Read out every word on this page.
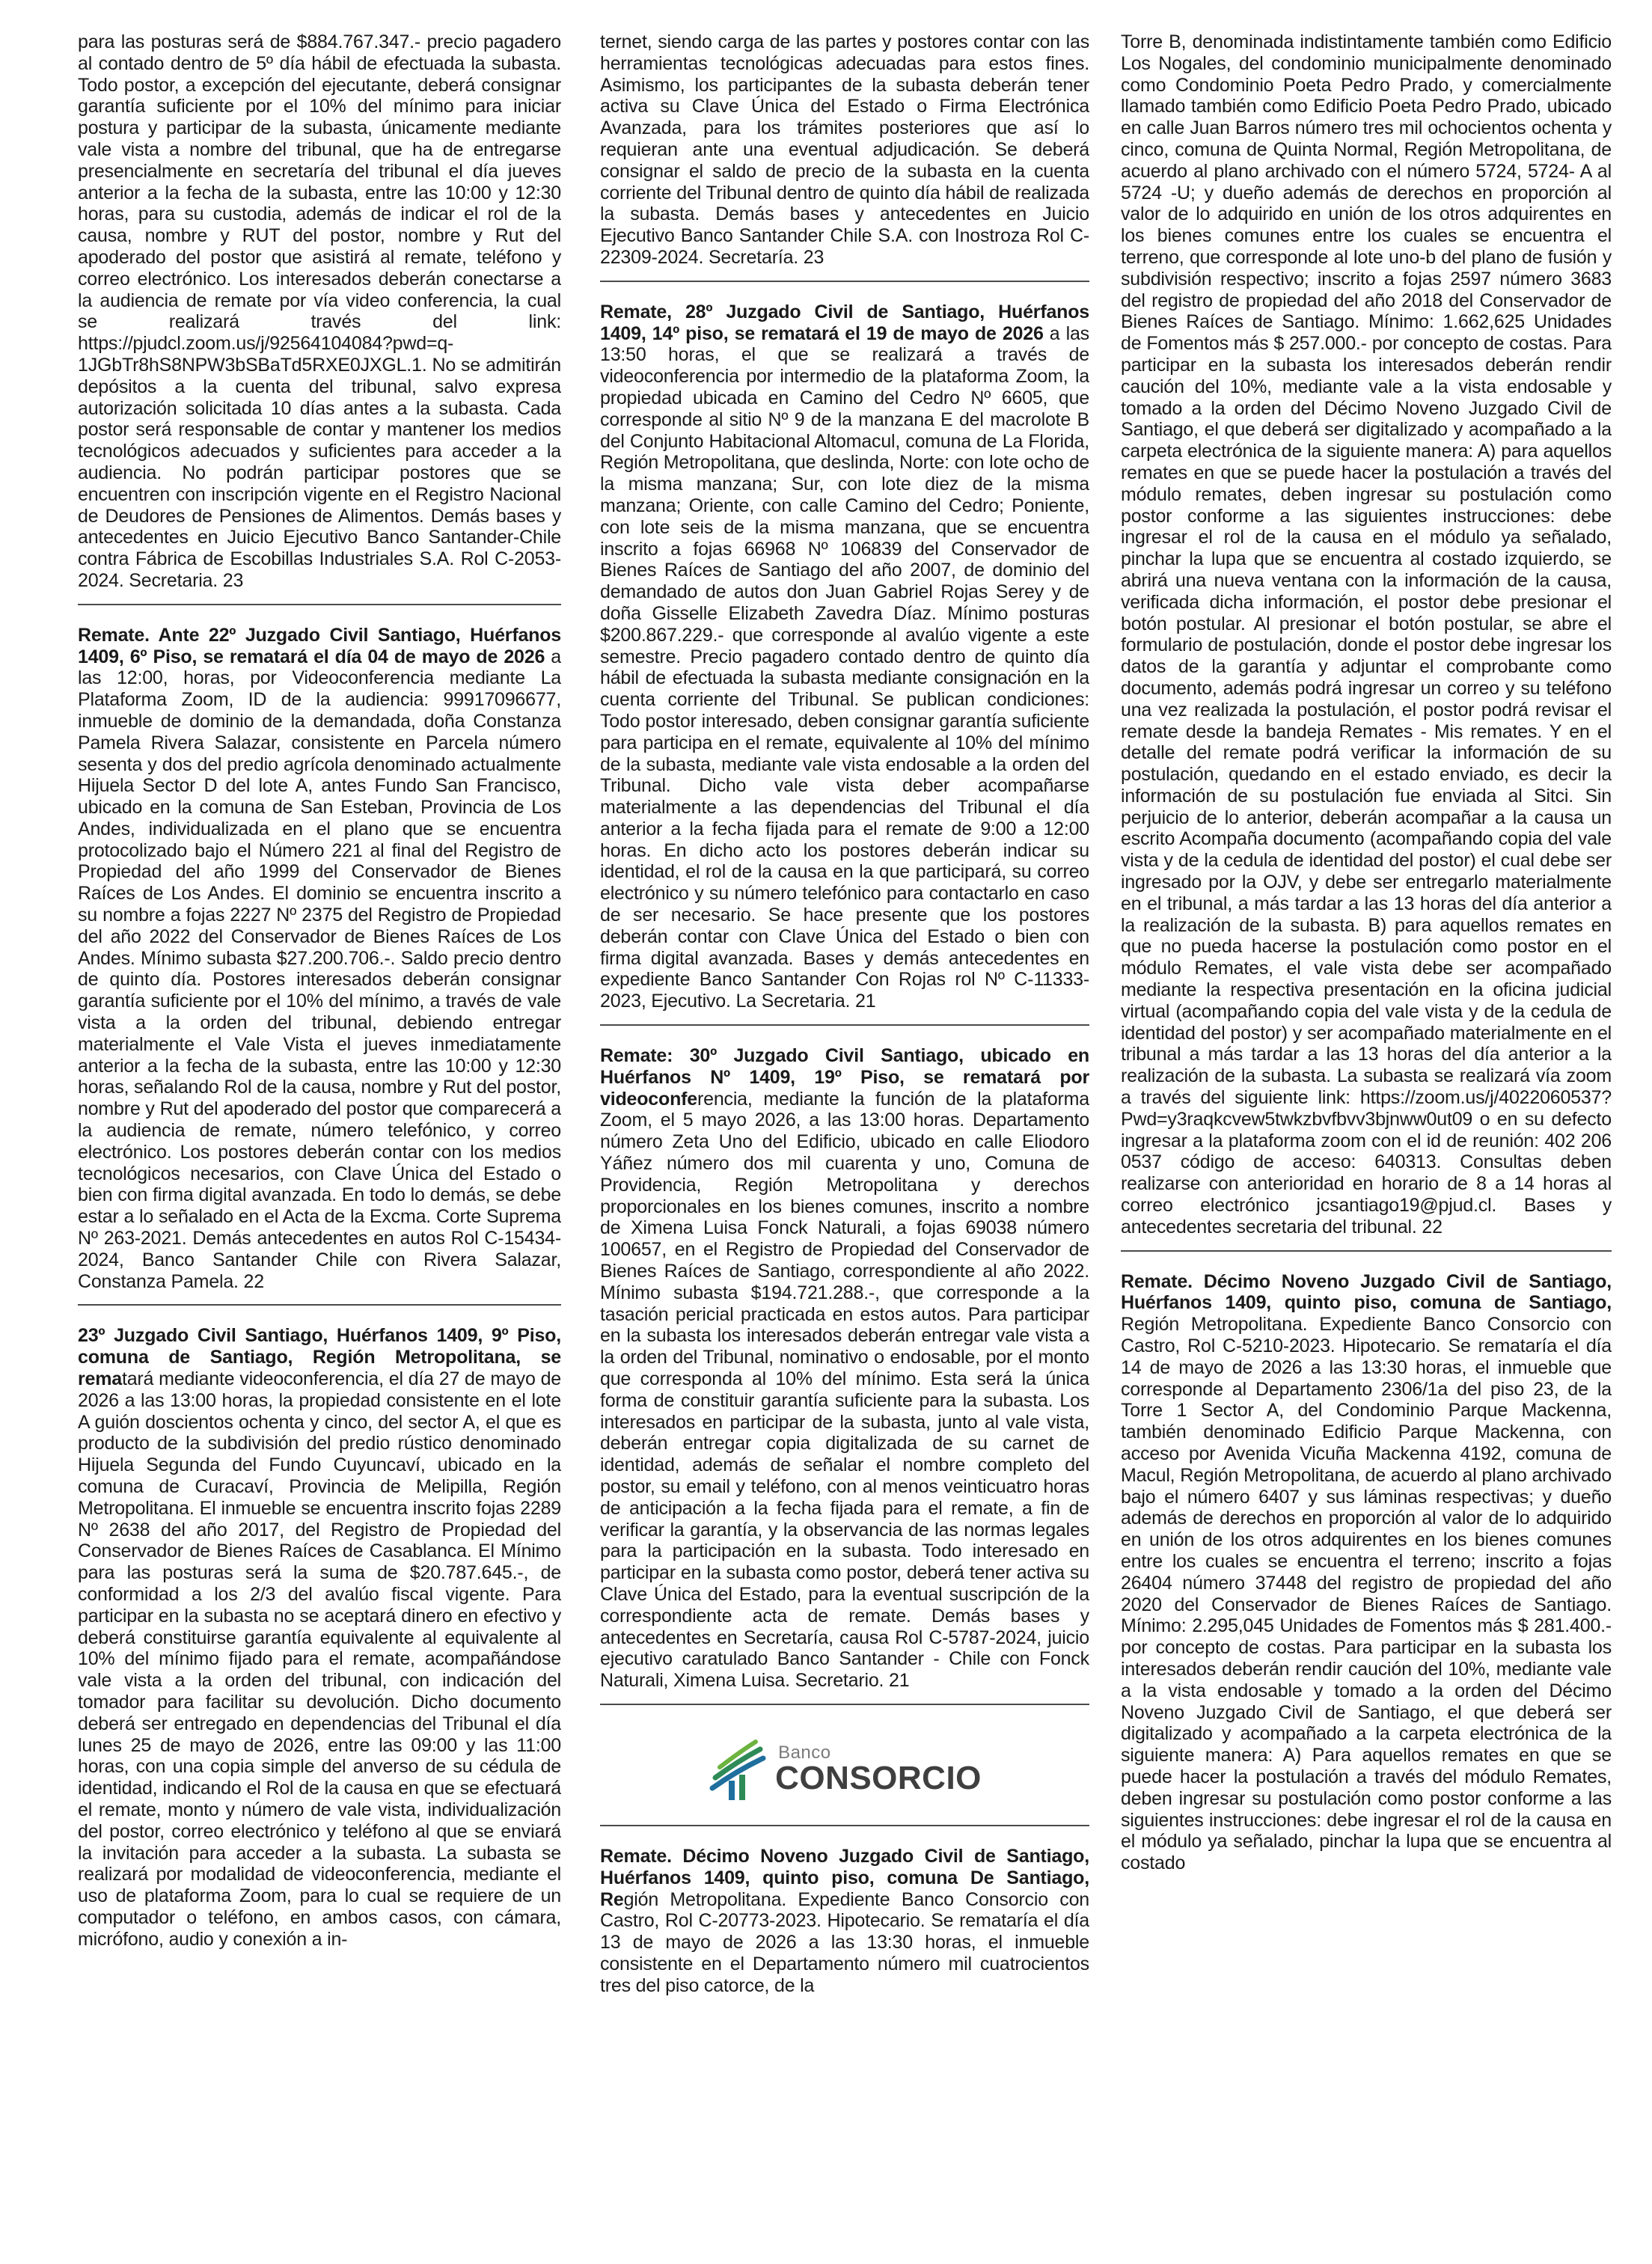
para las posturas será de $884.767.347.- precio pagadero al contado dentro de 5º día hábil de efectuada la subasta. Todo postor, a excepción del ejecutante, deberá consignar garantía suficiente por el 10% del mínimo para iniciar postura y participar de la subasta, únicamente mediante vale vista a nombre del tribunal, que ha de entregarse presencialmente en secretaría del tribunal el día jueves anterior a la fecha de la subasta, entre las 10:00 y 12:30 horas, para su custodia, además de indicar el rol de la causa, nombre y RUT del postor, nombre y Rut del apoderado del postor que asistirá al remate, teléfono y correo electrónico. Los interesados deberán conectarse a la audiencia de remate por vía video conferencia, la cual se realizará través del link: https://pjudcl.zoom.us/j/92564104084?pwd=q-1JGbTr8hS8NPW3bSBaTd5RXE0JXGL.1. No se admitirán depósitos a la cuenta del tribunal, salvo expresa autorización solicitada 10 días antes a la subasta. Cada postor será responsable de contar y mantener los medios tecnológicos adecuados y suficientes para acceder a la audiencia. No podrán participar postores que se encuentren con inscripción vigente en el Registro Nacional de Deudores de Pensiones de Alimentos. Demás bases y antecedentes en Juicio Ejecutivo Banco Santander-Chile contra Fábrica de Escobillas Industriales S.A. Rol C-2053-2024. Secretaria. 23

Remate. Ante 22º Juzgado Civil Santiago, Huérfanos 1409, 6º Piso, se rematará el día 04 de mayo de 2026 a las 12:00, horas, por Videoconferencia mediante La Plataforma Zoom, ID de la audiencia: 99917096677, inmueble de dominio de la demandada, doña Constanza Pamela Rivera Salazar, consistente en Parcela número sesenta y dos del predio agrícola denominado actualmente Hijuela Sector D del lote A, antes Fundo San Francisco, ubicado en la comuna de San Esteban, Provincia de Los Andes, individualizada en el plano que se encuentra protocolizado bajo el Número 221 al final del Registro de Propiedad del año 1999 del Conservador de Bienes Raíces de Los Andes. El dominio se encuentra inscrito a su nombre a fojas 2227 Nº 2375 del Registro de Propiedad del año 2022 del Conservador de Bienes Raíces de Los Andes. Mínimo subasta $27.200.706.-. Saldo precio dentro de quinto día. Postores interesados deberán consignar garantía suficiente por el 10% del mínimo, a través de vale vista a la orden del tribunal, debiendo entregar materialmente el Vale Vista el jueves inmediatamente anterior a la fecha de la subasta, entre las 10:00 y 12:30 horas, señalando Rol de la causa, nombre y Rut del postor, nombre y Rut del apoderado del postor que comparecerá a la audiencia de remate, número telefónico, y correo electrónico. Los postores deberán contar con los medios tecnológicos necesarios, con Clave Única del Estado o bien con firma digital avanzada. En todo lo demás, se debe estar a lo señalado en el Acta de la Excma. Corte Suprema Nº 263-2021. Demás antecedentes en autos Rol C-15434-2024, Banco Santander Chile con Rivera Salazar, Constanza Pamela. 22

23º Juzgado Civil Santiago, Huérfanos 1409, 9º Piso, comuna de Santiago, Región Metropolitana, se rematará mediante videoconferencia, el día 27 de mayo de 2026 a las 13:00 horas, la propiedad consistente en el lote A guión doscientos ochenta y cinco, del sector A, el que es producto de la subdivisión del predio rústico denominado Hijuela Segunda del Fundo Cuyuncaví, ubicado en la comuna de Curacaví, Provincia de Melipilla, Región Metropolitana. El inmueble se encuentra inscrito fojas 2289 Nº 2638 del año 2017, del Registro de Propiedad del Conservador de Bienes Raíces de Casablanca. El Mínimo para las posturas será la suma de $20.787.645.-, de conformidad a los 2/3 del avalúo fiscal vigente. Para participar en la subasta no se aceptará dinero en efectivo y deberá constituirse garantía equivalente al equivalente al 10% del mínimo fijado para el remate, acompañándose vale vista a la orden del tribunal, con indicación del tomador para facilitar su devolución. Dicho documento deberá ser entregado en dependencias del Tribunal el día lunes 25 de mayo de 2026, entre las 09:00 y las 11:00 horas, con una copia simple del anverso de su cédula de identidad, indicando el Rol de la causa en que se efectuará el remate, monto y número de vale vista, individualización del postor, correo electrónico y teléfono al que se enviará la invitación para acceder a la subasta. La subasta se realizará por modalidad de videoconferencia, mediante el uso de plataforma Zoom, para lo cual se requiere de un computador o teléfono, en ambos casos, con cámara, micrófono, audio y conexión a in-

ternet, siendo carga de las partes y postores contar con las herramientas tecnológicas adecuadas para estos fines. Asimismo, los participantes de la subasta deberán tener activa su Clave Única del Estado o Firma Electrónica Avanzada, para los trámites posteriores que así lo requieran ante una eventual adjudicación. Se deberá consignar el saldo de precio de la subasta en la cuenta corriente del Tribunal dentro de quinto día hábil de realizada la subasta. Demás bases y antecedentes en Juicio Ejecutivo Banco Santander Chile S.A. con Inostroza Rol C-22309-2024. Secretaría. 23

Remate, 28º Juzgado Civil de Santiago, Huérfanos 1409, 14º piso, se rematará el 19 de mayo de 2026 a las 13:50 horas, el que se realizará a través de videoconferencia por intermedio de la plataforma Zoom, la propiedad ubicada en Camino del Cedro Nº 6605, que corresponde al sitio Nº 9 de la manzana E del macrolote B del Conjunto Habitacional Altomacul, comuna de La Florida, Región Metropolitana, que deslinda, Norte: con lote ocho de la misma manzana; Sur, con lote diez de la misma manzana; Oriente, con calle Camino del Cedro; Poniente, con lote seis de la misma manzana, que se encuentra inscrito a fojas 66968 Nº 106839 del Conservador de Bienes Raíces de Santiago del año 2007, de dominio del demandado de autos don Juan Gabriel Rojas Serey y de doña Gisselle Elizabeth Zavedra Díaz. Mínimo posturas $200.867.229.- que corresponde al avalúo vigente a este semestre. Precio pagadero contado dentro de quinto día hábil de efectuada la subasta mediante consignación en la cuenta corriente del Tribunal. Se publican condiciones: Todo postor interesado, deben consignar garantía suficiente para participa en el remate, equivalente al 10% del mínimo de la subasta, mediante vale vista endosable a la orden del Tribunal. Dicho vale vista deber acompañarse materialmente a las dependencias del Tribunal el día anterior a la fecha fijada para el remate de 9:00 a 12:00 horas. En dicho acto los postores deberán indicar su identidad, el rol de la causa en la que participará, su correo electrónico y su número telefónico para contactarlo en caso de ser necesario. Se hace presente que los postores deberán contar con Clave Única del Estado o bien con firma digital avanzada. Bases y demás antecedentes en expediente Banco Santander Con Rojas rol Nº C-11333-2023, Ejecutivo. La Secretaria. 21

Remate: 30º Juzgado Civil Santiago, ubicado en Huérfanos Nº 1409, 19º Piso, se rematará por videoconferencia, mediante la función de la plataforma Zoom, el 5 mayo 2026, a las 13:00 horas. Departamento número Zeta Uno del Edificio, ubicado en calle Eliodoro Yáñez número dos mil cuarenta y uno, Comuna de Providencia, Región Metropolitana y derechos proporcionales en los bienes comunes, inscrito a nombre de Ximena Luisa Fonck Naturali, a fojas 69038 número 100657, en el Registro de Propiedad del Conservador de Bienes Raíces de Santiago, correspondiente al año 2022. Mínimo subasta $194.721.288.-, que corresponde a la tasación pericial practicada en estos autos. Para participar en la subasta los interesados deberán entregar vale vista a la orden del Tribunal, nominativo o endosable, por el monto que corresponda al 10% del mínimo. Esta será la única forma de constituir garantía suficiente para la subasta. Los interesados en participar de la subasta, junto al vale vista, deberán entregar copia digitalizada de su carnet de identidad, además de señalar el nombre completo del postor, su email y teléfono, con al menos veinticuatro horas de anticipación a la fecha fijada para el remate, a fin de verificar la garantía, y la observancia de las normas legales para la participación en la subasta. Todo interesado en participar en la subasta como postor, deberá tener activa su Clave Única del Estado, para la eventual suscripción de la correspondiente acta de remate. Demás bases y antecedentes en Secretaría, causa Rol C-5787-2024, juicio ejecutivo caratulado Banco Santander - Chile con Fonck Naturali, Ximena Luisa. Secretario. 21

Banco
CONSORCIO

Remate. Décimo Noveno Juzgado Civil de Santiago, Huérfanos 1409, quinto piso, comuna De Santiago, Región Metropolitana. Expediente Banco Consorcio con Castro, Rol C-20773-2023. Hipotecario. Se remataría el día 13 de mayo de 2026 a las 13:30 horas, el inmueble consistente en el Departamento número mil cuatrocientos tres del piso catorce, de la

Torre B, denominada indistintamente también como Edificio Los Nogales, del condominio municipalmente denominado como Condominio Poeta Pedro Prado, y comercialmente llamado también como Edificio Poeta Pedro Prado, ubicado en calle Juan Barros número tres mil ochocientos ochenta y cinco, comuna de Quinta Normal, Región Metropolitana, de acuerdo al plano archivado con el número 5724, 5724- A al 5724 -U; y dueño además de derechos en proporción al valor de lo adquirido en unión de los otros adquirentes en los bienes comunes entre los cuales se encuentra el terreno, que corresponde al lote uno-b del plano de fusión y subdivisión respectivo; inscrito a fojas 2597 número 3683 del registro de propiedad del año 2018 del Conservador de Bienes Raíces de Santiago. Mínimo: 1.662,625 Unidades de Fomentos más $ 257.000.- por concepto de costas. Para participar en la subasta los interesados deberán rendir caución del 10%, mediante vale a la vista endosable y tomado a la orden del Décimo Noveno Juzgado Civil de Santiago, el que deberá ser digitalizado y acompañado a la carpeta electrónica de la siguiente manera: A) para aquellos remates en que se puede hacer la postulación a través del módulo remates, deben ingresar su postulación como postor conforme a las siguientes instrucciones: debe ingresar el rol de la causa en el módulo ya señalado, pinchar la lupa que se encuentra al costado izquierdo, se abrirá una nueva ventana con la información de la causa, verificada dicha información, el postor debe presionar el botón postular. Al presionar el botón postular, se abre el formulario de postulación, donde el postor debe ingresar los datos de la garantía y adjuntar el comprobante como documento, además podrá ingresar un correo y su teléfono una vez realizada la postulación, el postor podrá revisar el remate desde la bandeja Remates - Mis remates. Y en el detalle del remate podrá verificar la información de su postulación, quedando en el estado enviado, es decir la información de su postulación fue enviada al Sitci. Sin perjuicio de lo anterior, deberán acompañar a la causa un escrito Acompaña documento (acompañando copia del vale vista y de la cedula de identidad del postor) el cual debe ser ingresado por la OJV, y debe ser entregarlo materialmente en el tribunal, a más tardar a las 13 horas del día anterior a la realización de la subasta. B) para aquellos remates en que no pueda hacerse la postulación como postor en el módulo Remates, el vale vista debe ser acompañado mediante la respectiva presentación en la oficina judicial virtual (acompañando copia del vale vista y de la cedula de identidad del postor) y ser acompañado materialmente en el tribunal a más tardar a las 13 horas del día anterior a la realización de la subasta. La subasta se realizará vía zoom a través del siguiente link: https://zoom.us/j/4022060537?Pwd=y3raqkcvew5twkzbvfbvv3bjnww0ut09 o en su defecto ingresar a la plataforma zoom con el id de reunión: 402 206 0537 código de acceso: 640313. Consultas deben realizarse con anterioridad en horario de 8 a 14 horas al correo electrónico jcsantiago19@pjud.cl. Bases y antecedentes secretaria del tribunal. 22

Remate. Décimo Noveno Juzgado Civil de Santiago, Huérfanos 1409, quinto piso, comuna de Santiago, Región Metropolitana. Expediente Banco Consorcio con Castro, Rol C-5210-2023. Hipotecario. Se remataría el día 14 de mayo de 2026 a las 13:30 horas, el inmueble que corresponde al Departamento 2306/1a del piso 23, de la Torre 1 Sector A, del Condominio Parque Mackenna, también denominado Edificio Parque Mackenna, con acceso por Avenida Vicuña Mackenna 4192, comuna de Macul, Región Metropolitana, de acuerdo al plano archivado bajo el número 6407 y sus láminas respectivas; y dueño además de derechos en proporción al valor de lo adquirido en unión de los otros adquirentes en los bienes comunes entre los cuales se encuentra el terreno; inscrito a fojas 26404 número 37448 del registro de propiedad del año 2020 del Conservador de Bienes Raíces de Santiago. Mínimo: 2.295,045 Unidades de Fomentos más $ 281.400.- por concepto de costas. Para participar en la subasta los interesados deberán rendir caución del 10%, mediante vale a la vista endosable y tomado a la orden del Décimo Noveno Juzgado Civil de Santiago, el que deberá ser digitalizado y acompañado a la carpeta electrónica de la siguiente manera: A) Para aquellos remates en que se puede hacer la postulación a través del módulo Remates, deben ingresar su postulación como postor conforme a las siguientes instrucciones: debe ingresar el rol de la causa en el módulo ya señalado, pinchar la lupa que se encuentra al costado
